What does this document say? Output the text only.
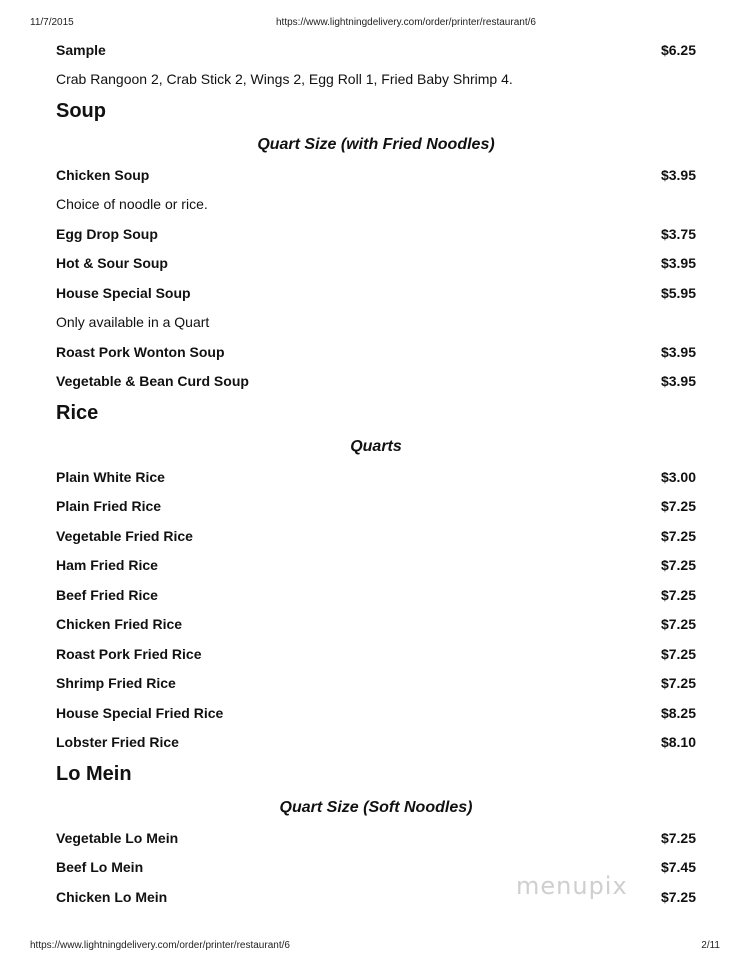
11/7/2015	https://www.lightningdelivery.com/order/printer/restaurant/6
Sample	$6.25
Crab Rangoon 2, Crab Stick 2, Wings 2, Egg Roll 1, Fried Baby Shrimp 4.
Soup
Quart Size (with Fried Noodles)
Chicken Soup	$3.95
Choice of noodle or rice.
Egg Drop Soup	$3.75
Hot & Sour Soup	$3.95
House Special Soup	$5.95
Only available in a Quart
Roast Pork Wonton Soup	$3.95
Vegetable & Bean Curd Soup	$3.95
Rice
Quarts
Plain White Rice	$3.00
Plain Fried Rice	$7.25
Vegetable Fried Rice	$7.25
Ham Fried Rice	$7.25
Beef Fried Rice	$7.25
Chicken Fried Rice	$7.25
Roast Pork Fried Rice	$7.25
Shrimp Fried Rice	$7.25
House Special Fried Rice	$8.25
Lobster Fried Rice	$8.10
Lo Mein
Quart Size (Soft Noodles)
Vegetable Lo Mein	$7.25
Beef Lo Mein	$7.45
Chicken Lo Mein	$7.25
menupix
https://www.lightningdelivery.com/order/printer/restaurant/6	2/11
